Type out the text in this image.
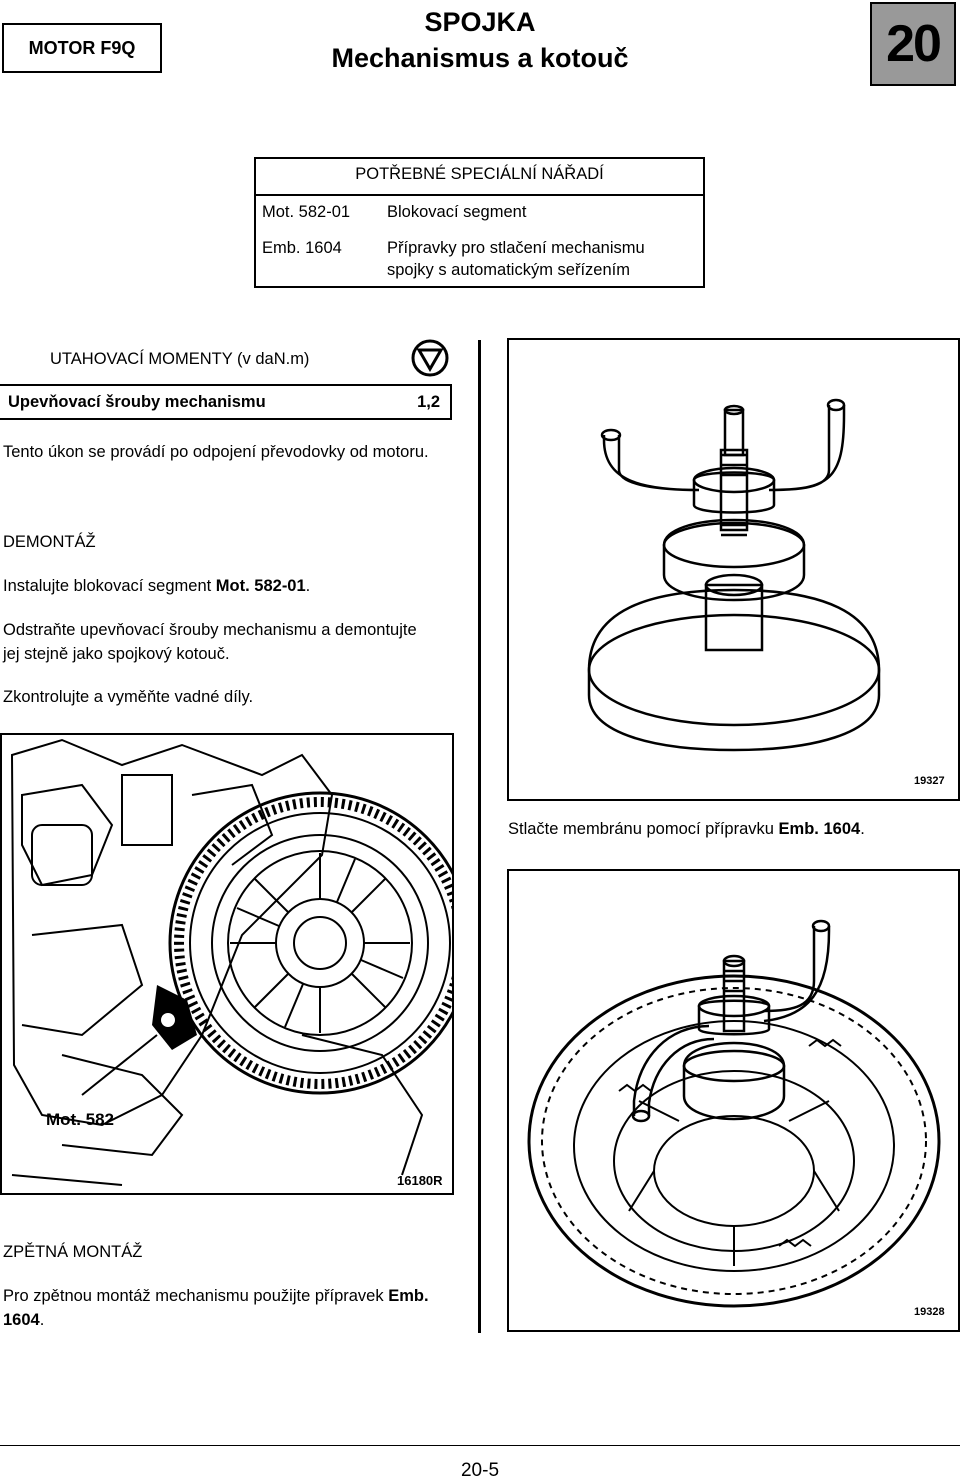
MOTOR F9Q
SPOJKA
Mechanismus a kotouč	20
POTŘEBNÉ SPECIÁLNÍ NÁŘADÍ
Mot. 582-01 Blokovací segment
Emb. 1604	Přípravky pro stlačení mechanismu
spojky s automatickým seřízením
UTAHOVACÍ MOMENTY (v daN.m)
Upevňovací šrouby mechanismu	1,2
Tento úkon se provádí po odpojení převodovky od motoru.
DEMONTÁŽ
Instalujte blokovací segment Mot. 582-01.
Odstraňte upevňovací šrouby mechanismu a demontujte jej stejně jako spojkový kotouč.
Zkontrolujte a vyměňte vadné díly.
Mot. 582
16180R
19327
Stlačte membránu pomocí přípravku Emb. 1604.
19328
ZPĚTNÁ MONTÁŽ
Pro zpětnou montáž mechanismu použijte přípravek Emb. 1604.
20-5
